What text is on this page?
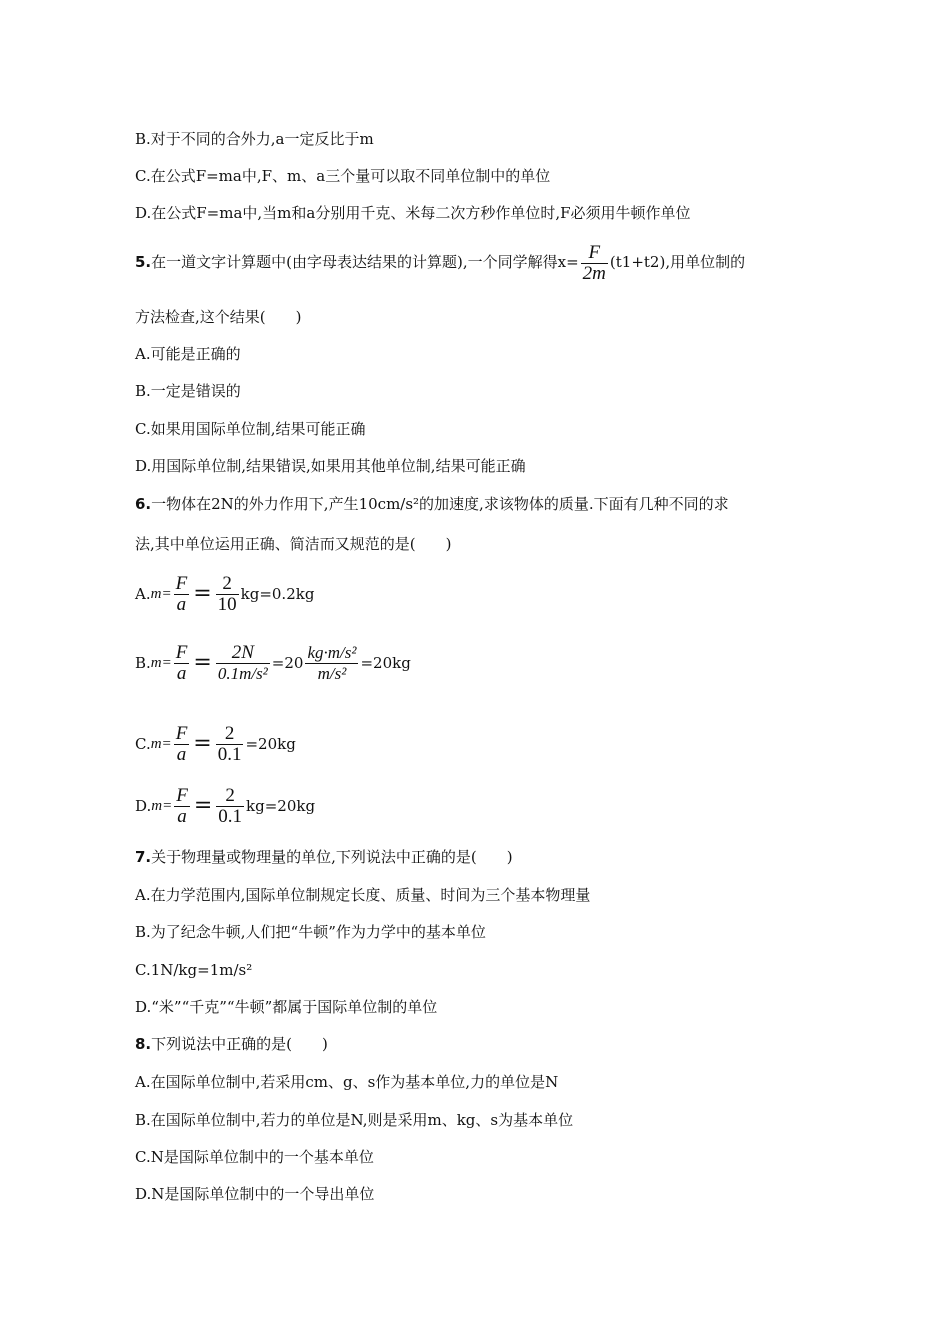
B.对于不同的合外力,a一定反比于m
C.在公式F=ma中,F、m、a三个量可以取不同单位制中的单位
D.在公式F=ma中,当m和a分别用千克、米每二次方秒作单位时,F必须用牛顿作单位
5.在一道文字计算题中(由字母表达结果的计算题),一个同学解得$x= \frac{F}{2m} (t1+t2)$,用单位制的
方法检查,这个结果(　　)
A.可能是正确的
B.一定是错误的
C.如果用国际单位制,结果可能正确
D.用国际单位制,结果错误,如果用其他单位制,结果可能正确
6.一物体在2N的外力作用下,产生10cm/s²的加速度,求该物体的质量.下面有几种不同的求
法,其中单位运用正确、简洁而又规范的是(　　)
$A.m= \frac{F}{a} = \frac{2}{10} kg=0.2kg$
$B.m= \frac{F}{a} = \frac{2N}{\text{0.1m/s²}} =20 \frac{\text{kg·m/s²}}{\text{m/s²}} =20kg$
$C.m= \frac{F}{a} = \frac{2}{0.1} =20kg$
$D.m= \frac{F}{a} = \frac{2}{0.1} kg=20kg$
7.关于物理量或物理量的单位,下列说法中正确的是(　　)
A.在力学范围内,国际单位制规定长度、质量、时间为三个基本物理量
B.为了纪念牛顿,人们把“牛顿”作为力学中的基本单位
C.1N/kg=1m/s²
D.“米”“千克”“牛顿”都属于国际单位制的单位
8.下列说法中正确的是(　　)
A.在国际单位制中,若采用cm、g、s作为基本单位,力的单位是N
B.在国际单位制中,若力的单位是N,则是采用m、kg、s为基本单位
C.N是国际单位制中的一个基本单位
D.N是国际单位制中的一个导出单位
